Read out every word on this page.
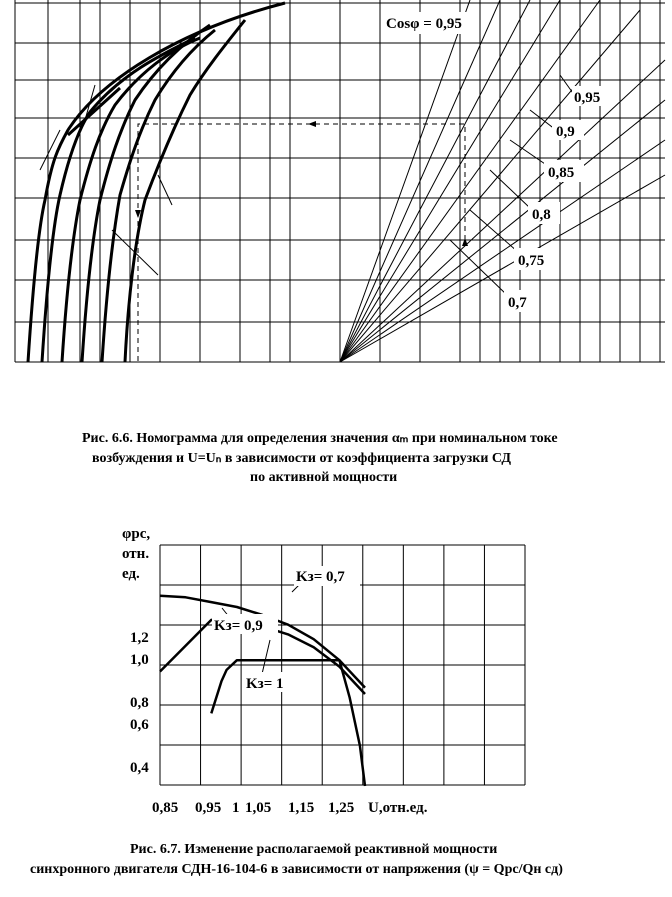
Cosφ = 0,95
0,95
0,9
0,85
0,8
0,75
0,7
1,2
1,0
0,8
0,6
0,4
0,85 0,95 1 1,05 1,15 1,25 U,отн.ед.
φрс,
отн.
ед.	Kз= 0,7
Kз= 0,9
Kз= 1
Рис. 6.6. Номограмма для определения значения αₘ при номинальном токе
возбуждения и U=Uₙ в зависимости от коэффициента загрузки СД
по активной мощности
Рис. 6.7. Изменение располагаемой реактивной мощности
синхронного двигателя СДН-16-104-6 в зависимости от напряжения (ψ = Qрс/Qн сд)
